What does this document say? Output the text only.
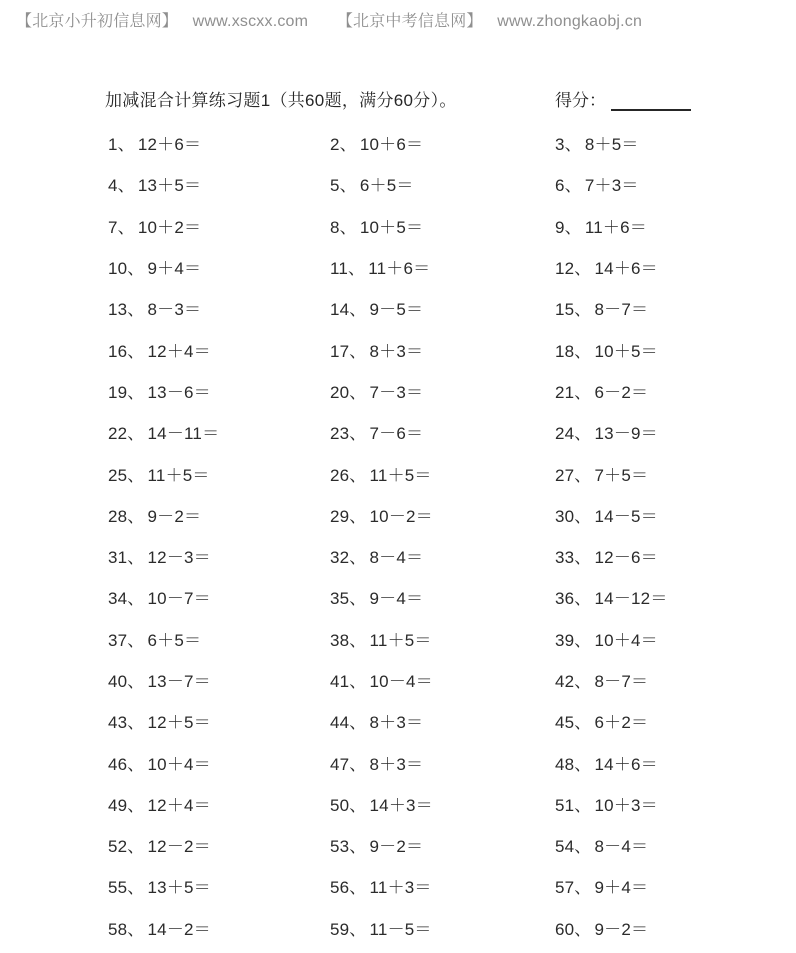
【北京小升初信息网】 www.xscxx.com 【北京中考信息网】 www.zhongkaobj.cn
加减混合计算练习题1（共60题，满分60分）。	得分：
1、 12＋6＝	2、 10＋6＝	3、 8＋5＝
4、 13＋5＝	5、 6＋5＝	6、 7＋3＝
7、 10＋2＝	8、 10＋5＝	9、 11＋6＝
10、 9＋4＝	11、 11＋6＝	12、 14＋6＝
13、 8－3＝	14、 9－5＝	15、 8－7＝
16、 12＋4＝	17、 8＋3＝	18、 10＋5＝
19、 13－6＝	20、 7－3＝	21、 6－2＝
22、 14－11＝	23、 7－6＝	24、 13－9＝
25、 11＋5＝	26、 11＋5＝	27、 7＋5＝
28、 9－2＝	29、 10－2＝	30、 14－5＝
31、 12－3＝	32、 8－4＝	33、 12－6＝
34、 10－7＝	35、 9－4＝	36、 14－12＝
37、 6＋5＝	38、 11＋5＝	39、 10＋4＝
40、 13－7＝	41、 10－4＝	42、 8－7＝
43、 12＋5＝	44、 8＋3＝	45、 6＋2＝
46、 10＋4＝	47、 8＋3＝	48、 14＋6＝
49、 12＋4＝	50、 14＋3＝	51、 10＋3＝
52、 12－2＝	53、 9－2＝	54、 8－4＝
55、 13＋5＝	56、 11＋3＝	57、 9＋4＝
58、 14－2＝	59、 11－5＝	60、 9－2＝
